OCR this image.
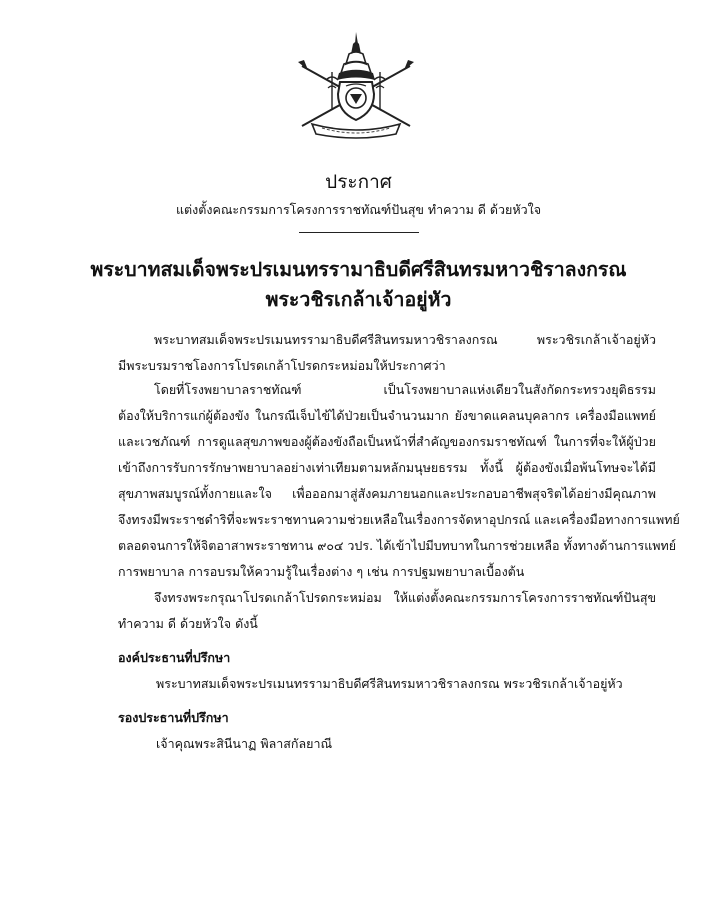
ประกาศ
แต่งตั้งคณะกรรมการโครงการราชทัณฑ์ปันสุข ทำความ ดี ด้วยหัวใจ
พระบาทสมเด็จพระปรเมนทรรามาธิบดีศรีสินทรมหาวชิราลงกรณ
พระวชิรเกล้าเจ้าอยู่หัว
พระบาทสมเด็จพระปรเมนทรรามาธิบดีศรีสินทรมหาวชิราลงกรณ พระวชิรเกล้าเจ้าอยู่หัว
มีพระบรมราชโองการโปรดเกล้าโปรดกระหม่อมให้ประกาศว่า
โดยที่โรงพยาบาลราชทัณฑ์ เป็นโรงพยาบาลแห่งเดียวในสังกัดกระทรวงยุติธรรม
ต้องให้บริการแก่ผู้ต้องขัง ในกรณีเจ็บไข้ได้ป่วยเป็นจำนวนมาก ยังขาดแคลนบุคลากร เครื่องมือแพทย์
และเวชภัณฑ์ การดูแลสุขภาพของผู้ต้องขังถือเป็นหน้าที่สำคัญของกรมราชทัณฑ์ ในการที่จะให้ผู้ป่วย
เข้าถึงการรับการรักษาพยาบาลอย่างเท่าเทียมตามหลักมนุษยธรรม ทั้งนี้ ผู้ต้องขังเมื่อพ้นโทษจะได้มี
สุขภาพสมบูรณ์ทั้งกายและใจ เพื่อออกมาสู่สังคมภายนอกและประกอบอาชีพสุจริตได้อย่างมีคุณภาพ
จึงทรงมีพระราชดำริที่จะพระราชทานความช่วยเหลือในเรื่องการจัดหาอุปกรณ์ และเครื่องมือทางการแพทย์
ตลอดจนการให้จิตอาสาพระราชทาน ๙๐๔ วปร. ได้เข้าไปมีบทบาทในการช่วยเหลือ ทั้งทางด้านการแพทย์
การพยาบาล การอบรมให้ความรู้ในเรื่องต่าง ๆ เช่น การปฐมพยาบาลเบื้องต้น
จึงทรงพระกรุณาโปรดเกล้าโปรดกระหม่อม ให้แต่งตั้งคณะกรรมการโครงการราชทัณฑ์ปันสุข
ทำความ ดี ด้วยหัวใจ ดังนี้
องค์ประธานที่ปรึกษา
พระบาทสมเด็จพระปรเมนทรรามาธิบดีศรีสินทรมหาวชิราลงกรณ พระวชิรเกล้าเจ้าอยู่หัว
รองประธานที่ปรึกษา
เจ้าคุณพระสินีนาฏ พิลาสกัลยาณี
